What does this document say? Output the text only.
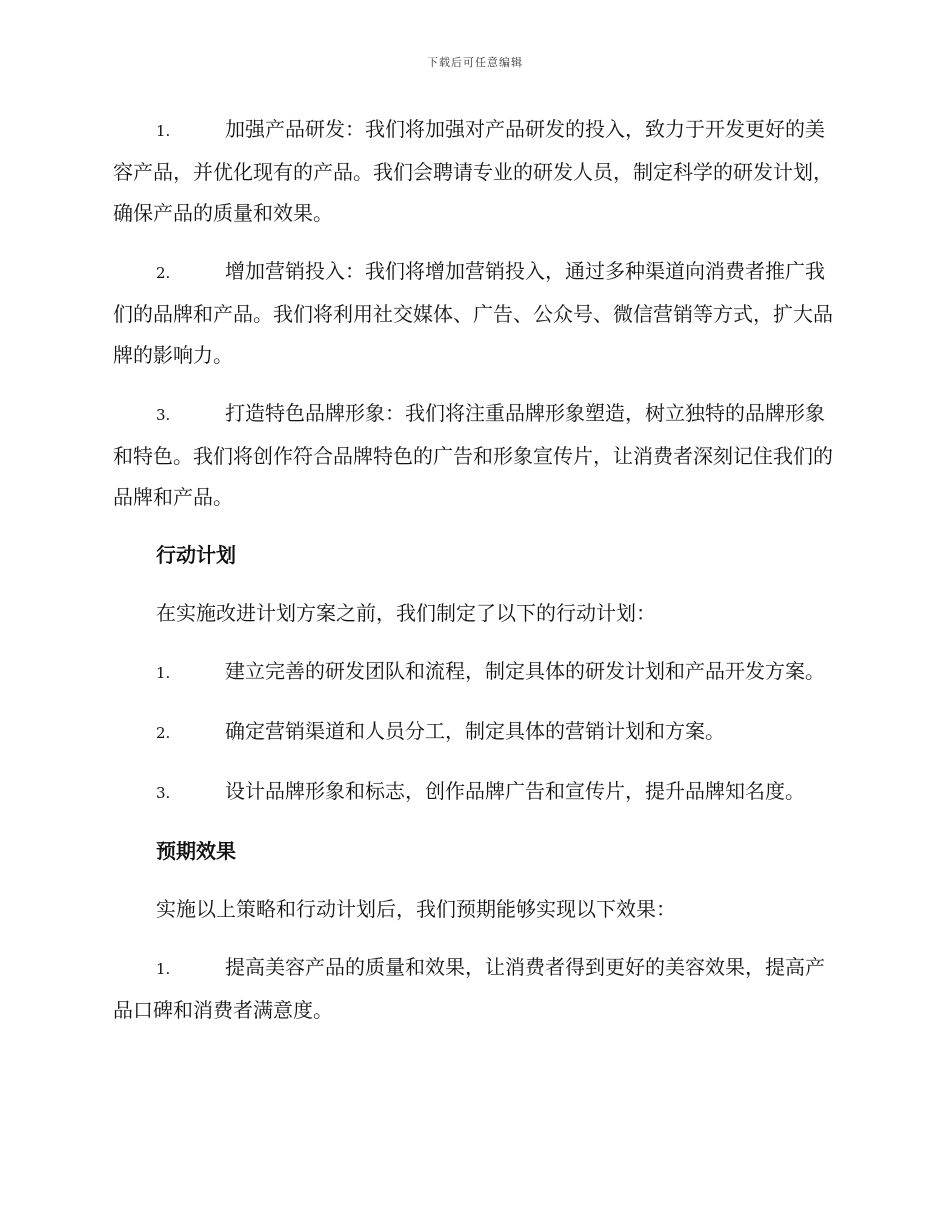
下载后可任意编辑

1.	加强产品研发：我们将加强对产品研发的投入，致力于开发更好的美容产品，并优化现有的产品。我们会聘请专业的研发人员，制定科学的研发计划，确保产品的质量和效果。

2.	增加营销投入：我们将增加营销投入，通过多种渠道向消费者推广我们的品牌和产品。我们将利用社交媒体、广告、公众号、微信营销等方式，扩大品牌的影响力。

3.	打造特色品牌形象：我们将注重品牌形象塑造，树立独特的品牌形象和特色。我们将创作符合品牌特色的广告和形象宣传片，让消费者深刻记住我们的品牌和产品。

行动计划

在实施改进计划方案之前，我们制定了以下的行动计划：

1.	建立完善的研发团队和流程，制定具体的研发计划和产品开发方案。

2.	确定营销渠道和人员分工，制定具体的营销计划和方案。

3.	设计品牌形象和标志，创作品牌广告和宣传片，提升品牌知名度。

预期效果

实施以上策略和行动计划后，我们预期能够实现以下效果：

1.	提高美容产品的质量和效果，让消费者得到更好的美容效果，提高产品口碑和消费者满意度。
